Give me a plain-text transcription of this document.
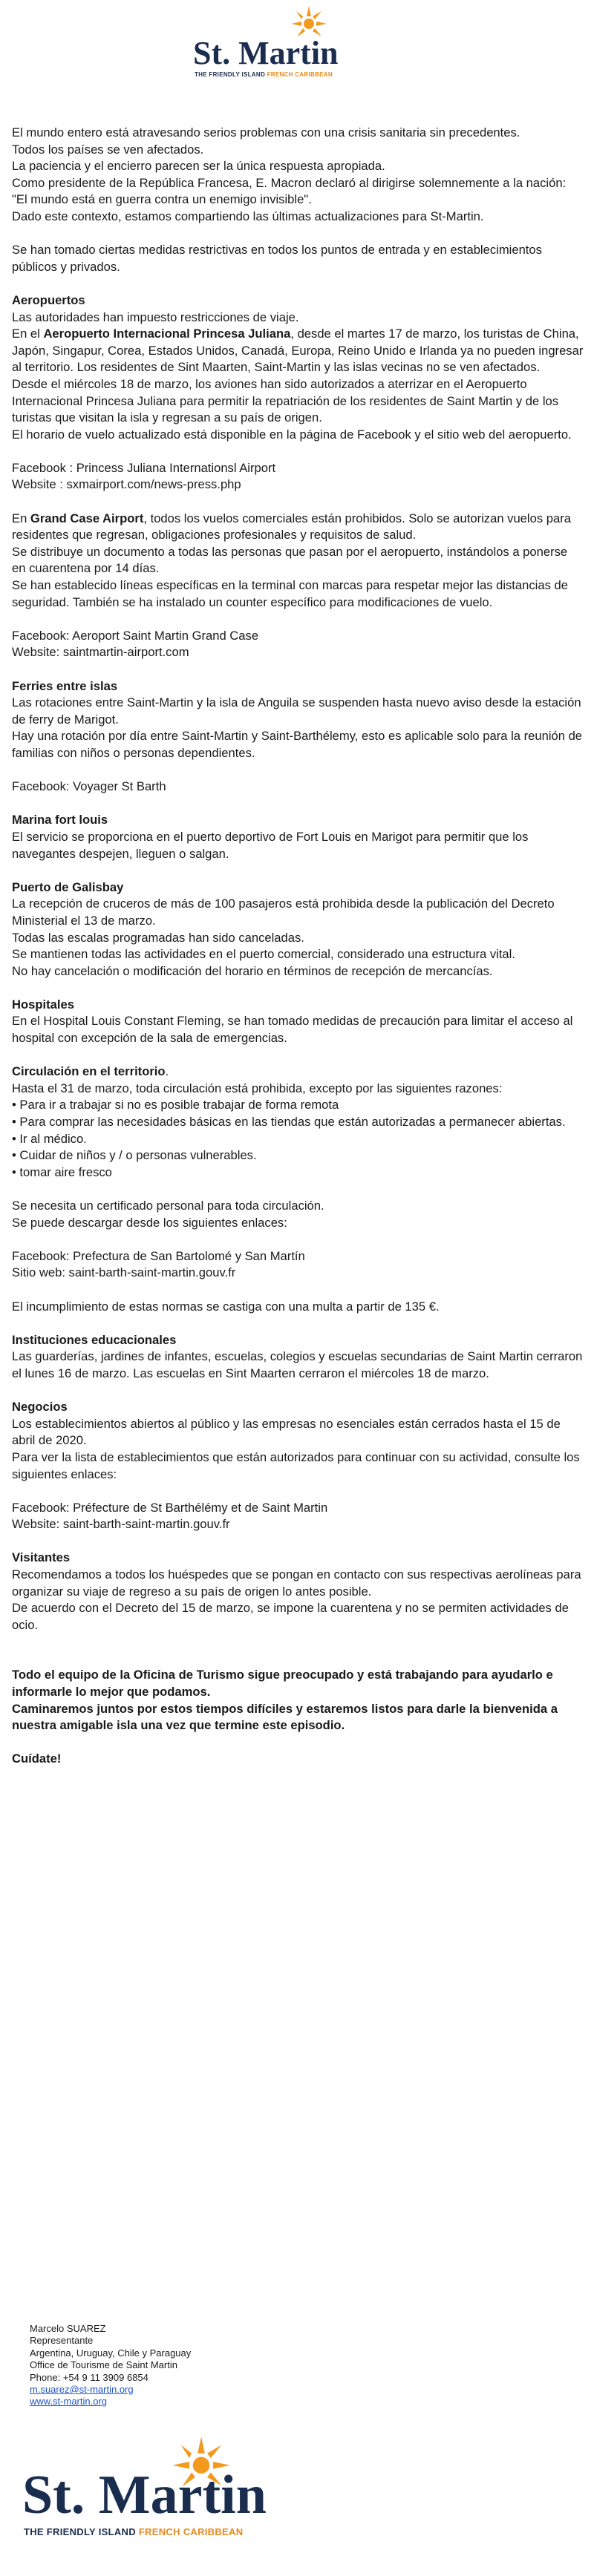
St. Martin
THE FRIENDLY ISLAND FRENCH CARIBBEAN

El mundo entero está atravesando serios problemas con una crisis sanitaria sin precedentes.

Todos los países se ven afectados.

La paciencia y el encierro parecen ser la única respuesta apropiada.

Como presidente de la República Francesa, E. Macron declaró al dirigirse solemnemente a la nación: "El mundo está en guerra contra un enemigo invisible".

Dado este contexto, estamos compartiendo las últimas actualizaciones para St-Martin.

Se han tomado ciertas medidas restrictivas en todos los puntos de entrada y en establecimientos públicos y privados.

Aeropuertos

Las autoridades han impuesto restricciones de viaje.

En el Aeropuerto Internacional Princesa Juliana, desde el martes 17 de marzo, los turistas de China, Japón, Singapur, Corea, Estados Unidos, Canadá, Europa, Reino Unido e Irlanda ya no pueden ingresar al territorio. Los residentes de Sint Maarten, Saint-Martin y las islas vecinas no se ven afectados.

Desde el miércoles 18 de marzo, los aviones han sido autorizados a aterrizar en el Aeropuerto Internacional Princesa Juliana para permitir la repatriación de los residentes de Saint Martin y de los turistas que visitan la isla y regresan a su país de origen.

El horario de vuelo actualizado está disponible en la página de Facebook y el sitio web del aeropuerto.

Facebook : Princess Juliana Internationsl Airport

Website : sxmairport.com/news-press.php

En Grand Case Airport, todos los vuelos comerciales están prohibidos. Solo se autorizan vuelos para residentes que regresan, obligaciones profesionales y requisitos de salud.

Se distribuye un documento a todas las personas que pasan por el aeropuerto, instándolos a ponerse en cuarentena por 14 días.

Se han establecido líneas específicas en la terminal con marcas para respetar mejor las distancias de seguridad. También se ha instalado un counter específico para modificaciones de vuelo.

Facebook: Aeroport Saint Martin Grand Case

Website: saintmartin-airport.com

Ferries entre islas

Las rotaciones entre Saint-Martin y la isla de Anguila se suspenden hasta nuevo aviso desde la estación de ferry de Marigot.

Hay una rotación por día entre Saint-Martin y Saint-Barthélemy, esto es aplicable solo para la reunión de familias con niños o personas dependientes.

Facebook: Voyager St Barth

Marina fort louis

El servicio se proporciona en el puerto deportivo de Fort Louis en Marigot para permitir que los navegantes despejen, lleguen o salgan.

Puerto de Galisbay

La recepción de cruceros de más de 100 pasajeros está prohibida desde la publicación del Decreto Ministerial el 13 de marzo.

Todas las escalas programadas han sido canceladas.

Se mantienen todas las actividades en el puerto comercial, considerado una estructura vital.

No hay cancelación o modificación del horario en términos de recepción de mercancías.

Hospitales

En el Hospital Louis Constant Fleming, se han tomado medidas de precaución para limitar el acceso al hospital con excepción de la sala de emergencias.

Circulación en el territorio.

Hasta el 31 de marzo, toda circulación está prohibida, excepto por las siguientes razones:

• Para ir a trabajar si no es posible trabajar de forma remota

• Para comprar las necesidades básicas en las tiendas que están autorizadas a permanecer abiertas.

• Ir al médico.

• Cuidar de niños y / o personas vulnerables.

• tomar aire fresco

Se necesita un certificado personal para toda circulación.

Se puede descargar desde los siguientes enlaces:

Facebook: Prefectura de San Bartolomé y San Martín

Sitio web: saint-barth-saint-martin.gouv.fr

El incumplimiento de estas normas se castiga con una multa a partir de 135 €.

Instituciones educacionales

Las guarderías, jardines de infantes, escuelas, colegios y escuelas secundarias de Saint Martin cerraron el lunes 16 de marzo. Las escuelas en Sint Maarten cerraron el miércoles 18 de marzo.

Negocios

Los establecimientos abiertos al público y las empresas no esenciales están cerrados hasta el 15 de abril de 2020.

Para ver la lista de establecimientos que están autorizados para continuar con su actividad, consulte los siguientes enlaces:

Facebook: Préfecture de St Barthélémy et de Saint Martin

Website: saint-barth-saint-martin.gouv.fr

Visitantes

Recomendamos a todos los huéspedes que se pongan en contacto con sus respectivas aerolíneas para organizar su viaje de regreso a su país de origen lo antes posible.

De acuerdo con el Decreto del 15 de marzo, se impone la cuarentena y no se permiten actividades de ocio.

Todo el equipo de la Oficina de Turismo sigue preocupado y está trabajando para ayudarlo e informarle lo mejor que podamos.

Caminaremos juntos por estos tiempos difíciles y estaremos listos para darle la bienvenida a nuestra amigable isla una vez que termine este episodio.

Cuídate!

Marcelo SUAREZ

Representante

Argentina, Uruguay, Chile y Paraguay

Office de Tourisme de Saint Martin

Phone: +54 9 11 3909 6854

m.suarez@st-martin.org

www.st-martin.org

St. Martin
THE FRIENDLY ISLAND FRENCH CARIBBEAN
